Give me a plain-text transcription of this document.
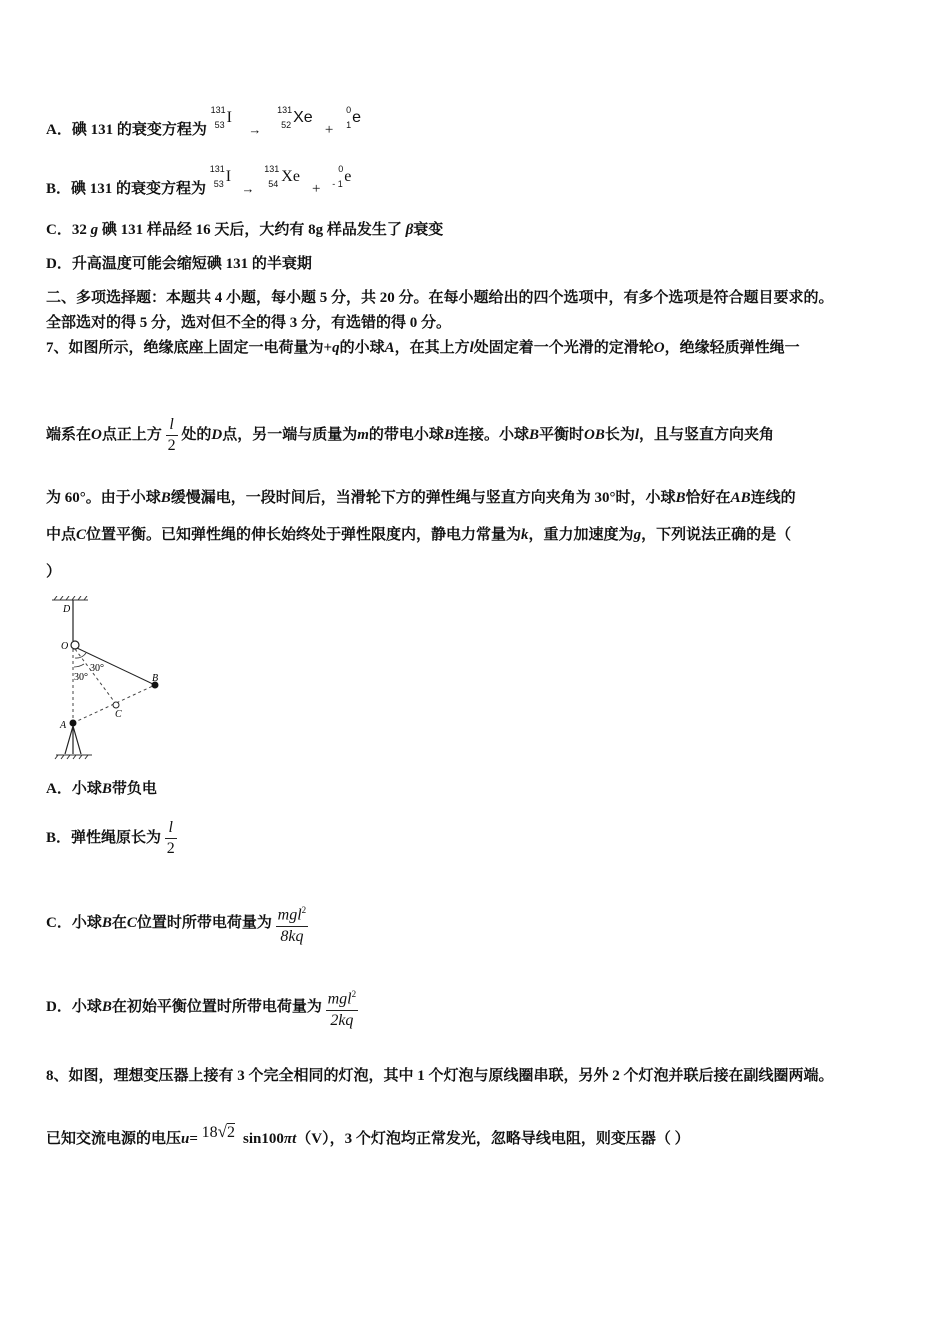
A．碘 131 的衰变方程为
131
53 I
→
131
52 Xe
+
0
1 e
B．碘 131 的衰变方程为
131
53 I
→
131
54 Xe
+
0
- 1 e
C．32 g 碘 131 样品经 16 天后，大约有 8g 样品发生了 β衰变
D．升高温度可能会缩短碘 131 的半衰期
二、多项选择题：本题共 4 小题，每小题 5 分，共 20 分。在每小题给出的四个选项中，有多个选项是符合题目要求的。
全部选对的得 5 分，选对但不全的得 3 分，有选错的得 0 分。
7、如图所示，绝缘底座上固定一电荷量为+q的小球A，在其上方l处固定着一个光滑的定滑轮O，绝缘轻质弹性绳一
端系在O点正上方 $\frac{l}{2}$ 处的D点，另一端与质量为m的带电小球B连接。小球B平衡时OB长为l，且与竖直方向夹角
为 60°。由于小球B缓慢漏电，一段时间后，当滑轮下方的弹性绳与竖直方向夹角为 30°时，小球B恰好在AB连线的
中点C位置平衡。已知弹性绳的伸长始终处于弹性限度内，静电力常量为k，重力加速度为g，下列说法正确的是（
）
D
O
30°
30°	B
C
A
A．小球B带负电
B．弹性绳原长为 $\frac{l}{2}$
C．小球B在C位置时所带电荷量为 $\frac{mgl^2}{8kq}$
D．小球B在初始平衡位置时所带电荷量为 $\frac{mgl^2}{2kq}$
8、如图，理想变压器上接有 3 个完全相同的灯泡，其中 1 个灯泡与原线圈串联，另外 2 个灯泡并联后接在副线圈两端。
已知交流电源的电压u= 18√2 sin100πt（V），3 个灯泡均正常发光，忽略导线电阻，则变压器（ ）
